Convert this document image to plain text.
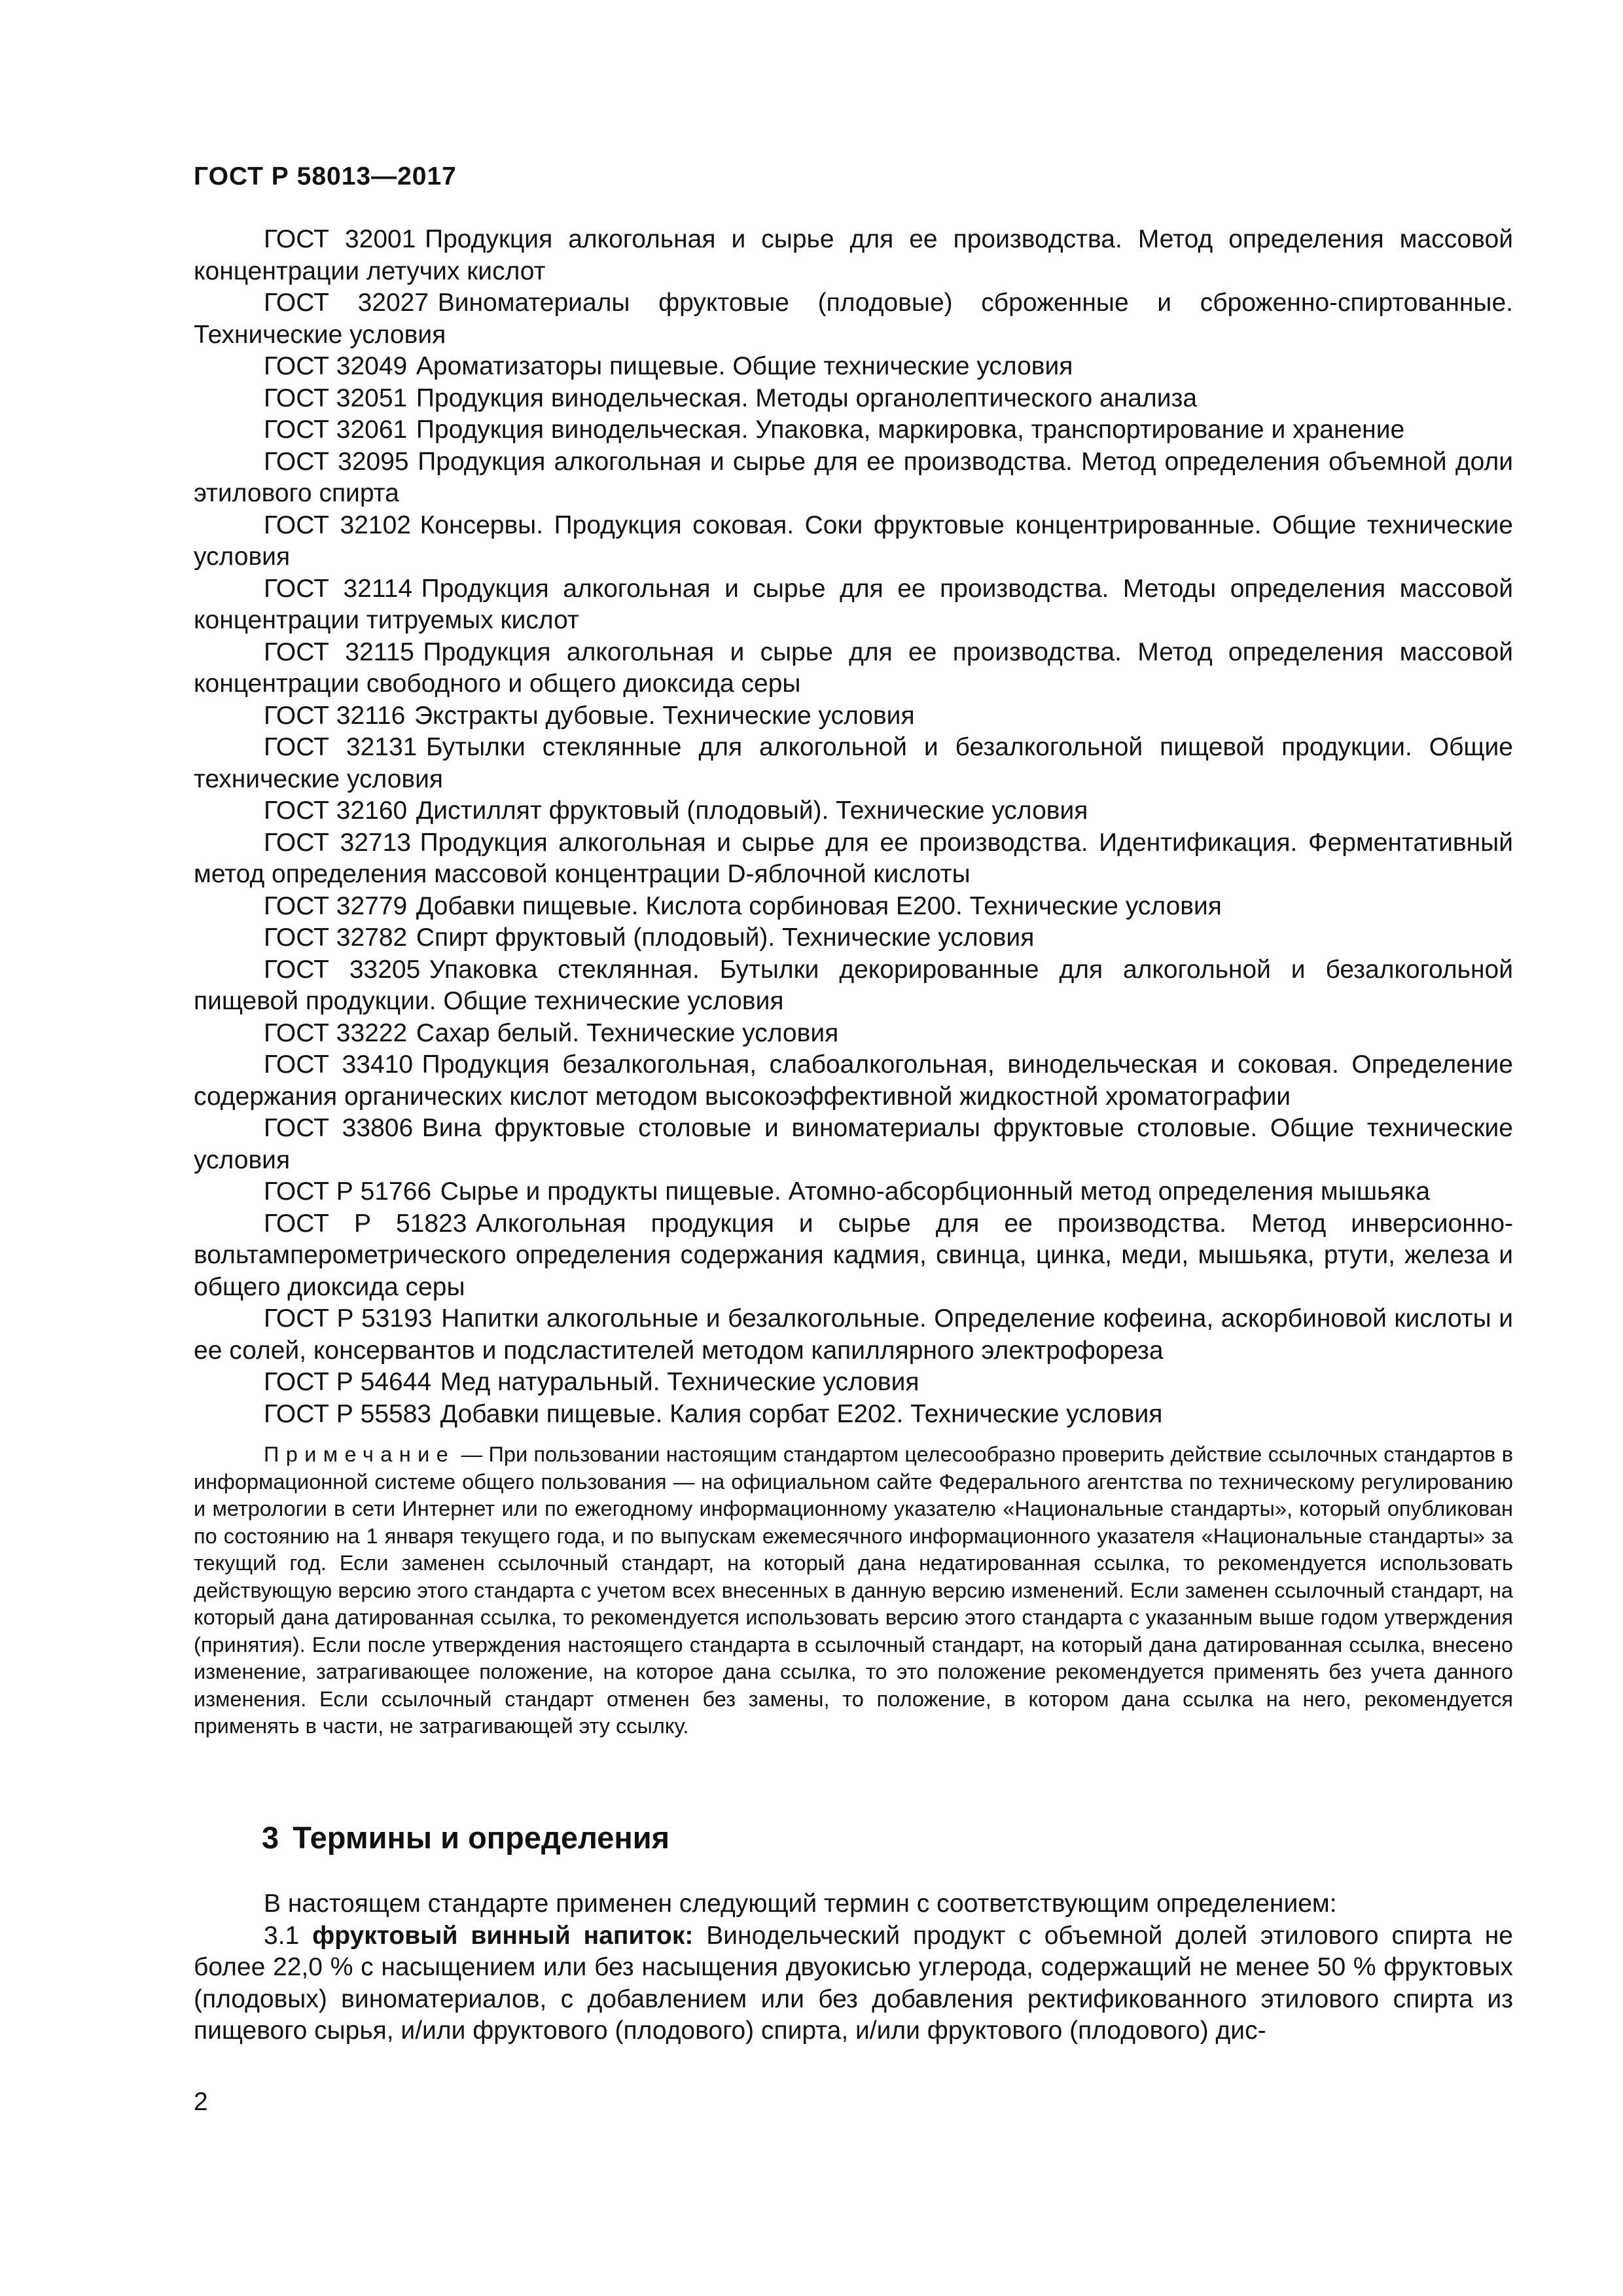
ГОСТ Р 58013—2017
ГОСТ 32001 Продукция алкогольная и сырье для ее производства. Метод определения массовой концентрации летучих кислот
ГОСТ 32027 Виноматериалы фруктовые (плодовые) сброженные и сброженно-спиртованные. Технические условия
ГОСТ 32049 Ароматизаторы пищевые. Общие технические условия
ГОСТ 32051 Продукция винодельческая. Методы органолептического анализа
ГОСТ 32061 Продукция винодельческая. Упаковка, маркировка, транспортирование и хранение
ГОСТ 32095 Продукция алкогольная и сырье для ее производства. Метод определения объемной доли этилового спирта
ГОСТ 32102 Консервы. Продукция соковая. Соки фруктовые концентрированные. Общие технические условия
ГОСТ 32114 Продукция алкогольная и сырье для ее производства. Методы определения массовой концентрации титруемых кислот
ГОСТ 32115 Продукция алкогольная и сырье для ее производства. Метод определения массовой концентрации свободного и общего диоксида серы
ГОСТ 32116 Экстракты дубовые. Технические условия
ГОСТ 32131 Бутылки стеклянные для алкогольной и безалкогольной пищевой продукции. Общие технические условия
ГОСТ 32160 Дистиллят фруктовый (плодовый). Технические условия
ГОСТ 32713 Продукция алкогольная и сырье для ее производства. Идентификация. Ферментативный метод определения массовой концентрации D-яблочной кислоты
ГОСТ 32779 Добавки пищевые. Кислота сорбиновая Е200. Технические условия
ГОСТ 32782 Спирт фруктовый (плодовый). Технические условия
ГОСТ 33205 Упаковка стеклянная. Бутылки декорированные для алкогольной и безалкогольной пищевой продукции. Общие технические условия
ГОСТ 33222 Сахар белый. Технические условия
ГОСТ 33410 Продукция безалкогольная, слабоалкогольная, винодельческая и соковая. Определение содержания органических кислот методом высокоэффективной жидкостной хроматографии
ГОСТ 33806 Вина фруктовые столовые и виноматериалы фруктовые столовые. Общие технические условия
ГОСТ Р 51766 Сырье и продукты пищевые. Атомно-абсорбционный метод определения мышьяка
ГОСТ Р 51823 Алкогольная продукция и сырье для ее производства. Метод инверсионно-вольтамперометрического определения содержания кадмия, свинца, цинка, меди, мышьяка, ртути, железа и общего диоксида серы
ГОСТ Р 53193 Напитки алкогольные и безалкогольные. Определение кофеина, аскорбиновой кислоты и ее солей, консервантов и подсластителей методом капиллярного электрофореза
ГОСТ Р 54644 Мед натуральный. Технические условия
ГОСТ Р 55583 Добавки пищевые. Калия сорбат Е202. Технические условия
Примечание — При пользовании настоящим стандартом целесообразно проверить действие ссылочных стандартов в информационной системе общего пользования — на официальном сайте Федерального агентства по техническому регулированию и метрологии в сети Интернет или по ежегодному информационному указателю «Национальные стандарты», который опубликован по состоянию на 1 января текущего года, и по выпускам ежемесячного информационного указателя «Национальные стандарты» за текущий год. Если заменен ссылочный стандарт, на который дана недатированная ссылка, то рекомендуется использовать действующую версию этого стандарта с учетом всех внесенных в данную версию изменений. Если заменен ссылочный стандарт, на который дана датированная ссылка, то рекомендуется использовать версию этого стандарта с указанным выше годом утверждения (принятия). Если после утверждения настоящего стандарта в ссылочный стандарт, на который дана датированная ссылка, внесено изменение, затрагивающее положение, на которое дана ссылка, то это положение рекомендуется применять без учета данного изменения. Если ссылочный стандарт отменен без замены, то положение, в котором дана ссылка на него, рекомендуется применять в части, не затрагивающей эту ссылку.
3 Термины и определения

В настоящем стандарте применен следующий термин с соответствующим определением:

3.1 фруктовый винный напиток: Винодельческий продукт с объемной долей этилового спирта не более 22,0 % с насыщением или без насыщения двуокисью углерода, содержащий не менее 50 % фруктовых (плодовых) виноматериалов, с добавлением или без добавления ректификованного этилового спирта из пищевого сырья, и/или фруктового (плодового) спирта, и/или фруктового (плодового) дис-

2
